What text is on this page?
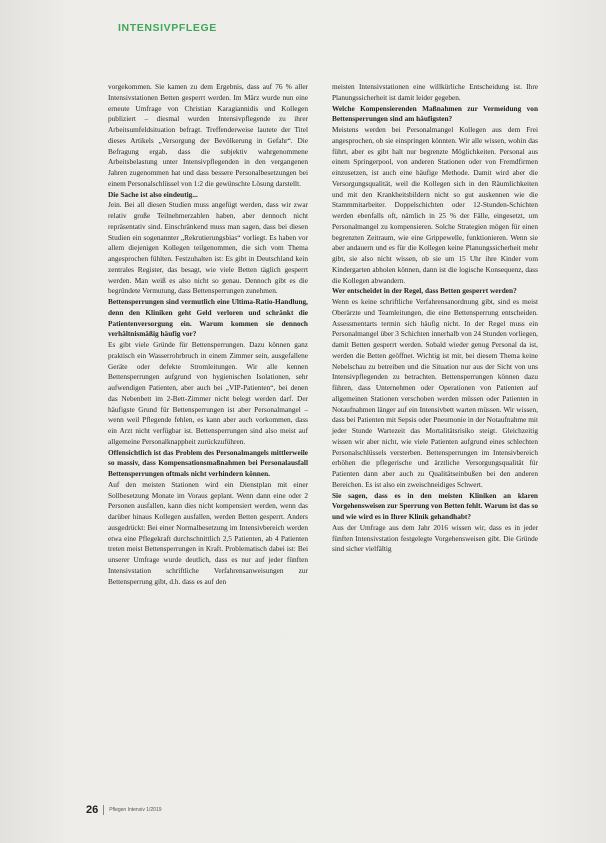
INTENSIVPFLEGE

vorgekommen. Sie kamen zu dem Ergebnis, dass auf 76 % aller Intensivstationen Betten gesperrt werden. Im März wurde nun eine erneute Umfrage von Christian Karagiannidis und Kollegen publiziert – diesmal wurden Intensivpflegende zu ihrer Arbeitsumfeldsituation befragt. Treffenderweise lautete der Titel dieses Artikels „Versorgung der Bevölkerung in Gefahr“. Die Befragung ergab, dass die subjektiv wahrgenommene Arbeitsbelastung unter Intensivpflegenden in den vergangenen Jahren zugenommen hat und dass bessere Personalbesetzungen bei einem Personalschlüssel von 1:2 die gewünschte Lösung darstellt.

Die Sache ist also eindeutig...

Jein. Bei all diesen Studien muss angefügt werden, dass wir zwar relativ große Teilnehmerzahlen haben, aber dennoch nicht repräsentativ sind. Einschränkend muss man sagen, dass bei diesen Studien ein sogenannter „Rekrutierungsbias“ vorliegt. Es haben vor allem diejenigen Kollegen teilgenommen, die sich vom Thema angesprochen fühlten. Festzuhalten ist: Es gibt in Deutschland kein zentrales Register, das besagt, wie viele Betten täglich gesperrt werden. Man weiß es also nicht so genau. Dennoch gibt es die begründete Vermutung, dass Bettensperrungen zunehmen.

Bettensperrungen sind vermutlich eine Ultima-Ratio-Handlung, denn den Kliniken geht Geld verloren und schränkt die Patientenversorgung ein. Warum kommen sie dennoch verhältnismäßig häufig vor?

Es gibt viele Gründe für Bettensperrungen. Dazu können ganz praktisch ein Wasserrohrbruch in einem Zimmer sein, ausgefallene Geräte oder defekte Stromleitungen. Wir alle kennen Bettensperrungen aufgrund von hygienischen Isolationen, sehr aufwendigen Patienten, aber auch bei „VIP-Patienten“, bei denen das Nebenbett im 2-Bett-Zimmer nicht belegt werden darf. Der häufigste Grund für Bettensperrungen ist aber Personalmangel – wenn weil Pflegende fehlen, es kann aber auch vorkommen, dass ein Arzt nicht verfügbar ist. Bettensperrungen sind also meist auf allgemeine Personalknappheit zurückzuführen.

Offensichtlich ist das Problem des Personalmangels mittlerweile so massiv, dass Kompensationsmaßnahmen bei Personalausfall Bettensperrungen oftmals nicht verhindern können.

Auf den meisten Stationen wird ein Dienstplan mit einer Sollbesetzung Monate im Voraus geplant. Wenn dann eine oder 2 Personen ausfallen, kann dies nicht kompensiert werden, wenn das darüber hinaus Kollegen ausfallen, werden Betten gesperrt. Anders ausgedrückt: Bei einer Normalbesetzung im Intensivbereich werden etwa eine Pflegekraft durchschnittlich 2,5 Patienten, ab 4 Patienten treten meist Bettensperrungen in Kraft. Problematisch dabei ist: Bei unserer Umfrage wurde deutlich, dass es nur auf jeder fünften Intensivstation schriftliche Verfahrensanweisungen zur Bettensperrung gibt, d.h. dass es auf den

meisten Intensivstationen eine willkürliche Entscheidung ist. Ihre Planungssicherheit ist damit leider gegeben.

Welche Kompensierenden Maßnahmen zur Vermeidung von Bettensperrungen sind am häufigsten?

Meistens werden bei Personalmangel Kollegen aus dem Frei angesprochen, ob sie einspringen könnten. Wir alle wissen, wohin das führt, aber es gibt halt nur begrenzte Möglichkeiten. Personal aus einem Springerpool, von anderen Stationen oder von Fremdfirmen einzusetzen, ist auch eine häufige Methode. Damit wird aber die Versorgungsqualität, weil die Kollegen sich in den Räumlichkeiten und mit den Krankheitsbildern nicht so gut auskennen wie die Stammmitarbeiter. Doppelschichten oder 12-Stunden-Schichten werden ebenfalls oft, nämlich in 25 % der Fälle, eingesetzt, um Personalmangel zu kompensieren. Solche Strategien mögen für einen begrenzten Zeitraum, wie eine Grippewelle, funktionieren. Wenn sie aber andauern und es für die Kollegen keine Planungssicherheit mehr gibt, sie also nicht wissen, ob sie um 15 Uhr ihre Kinder vom Kindergarten abholen können, dann ist die logische Konsequenz, dass die Kollegen abwandern.

Wer entscheidet in der Regel, dass Betten gesperrt werden?

Wenn es keine schriftliche Verfahrensanordnung gibt, sind es meist Oberärzte und Teamleitungen, die eine Bettensperrung entscheiden. Assessmentarts termin sich häufig nicht. In der Regel muss ein Personalmangel über 3 Schichten innerhalb von 24 Stunden vorliegen, damit Betten gesperrt werden. Sobald wieder genug Personal da ist, werden die Betten geöffnet. Wichtig ist mir, bei diesem Thema keine Nebelschau zu betreiben und die Situation nur aus der Sicht von uns Intensivpflegenden zu betrachten. Bettensperrungen können dazu führen, dass Unternehmen oder Operationen von Patienten auf allgemeinen Stationen verschoben werden müssen oder Patienten in Notaufnahmen länger auf ein Intensivbett warten müssen. Wir wissen, dass bei Patienten mit Sepsis oder Pneumonie in der Notaufnahme mit jeder Stunde Wartezeit das Mortalitätsrisiko steigt. Gleichzeitig wissen wir aber nicht, wie viele Patienten aufgrund eines schlechten Personalschlüssels versterben. Bettensperrungen im Intensivbereich erhöhen die pflegerische und ärztliche Versorgungsqualität für Patienten dann aber auch zu Qualitätseinbußen bei den anderen Bereichen. Es ist also ein zweischneidiges Schwert.

Sie sagen, dass es in den meisten Kliniken an klaren Vorgehensweisen zur Sperrung von Betten fehlt. Warum ist das so und wie wird es in Ihrer Klinik gehandhabt?

Aus der Umfrage aus dem Jahr 2016 wissen wir, dass es in jeder fünften Intensivstation festgelegte Vorgehensweisen gibt. Die Gründe sind sicher vielfältig

26 Pflegen Intensiv 1/2019
